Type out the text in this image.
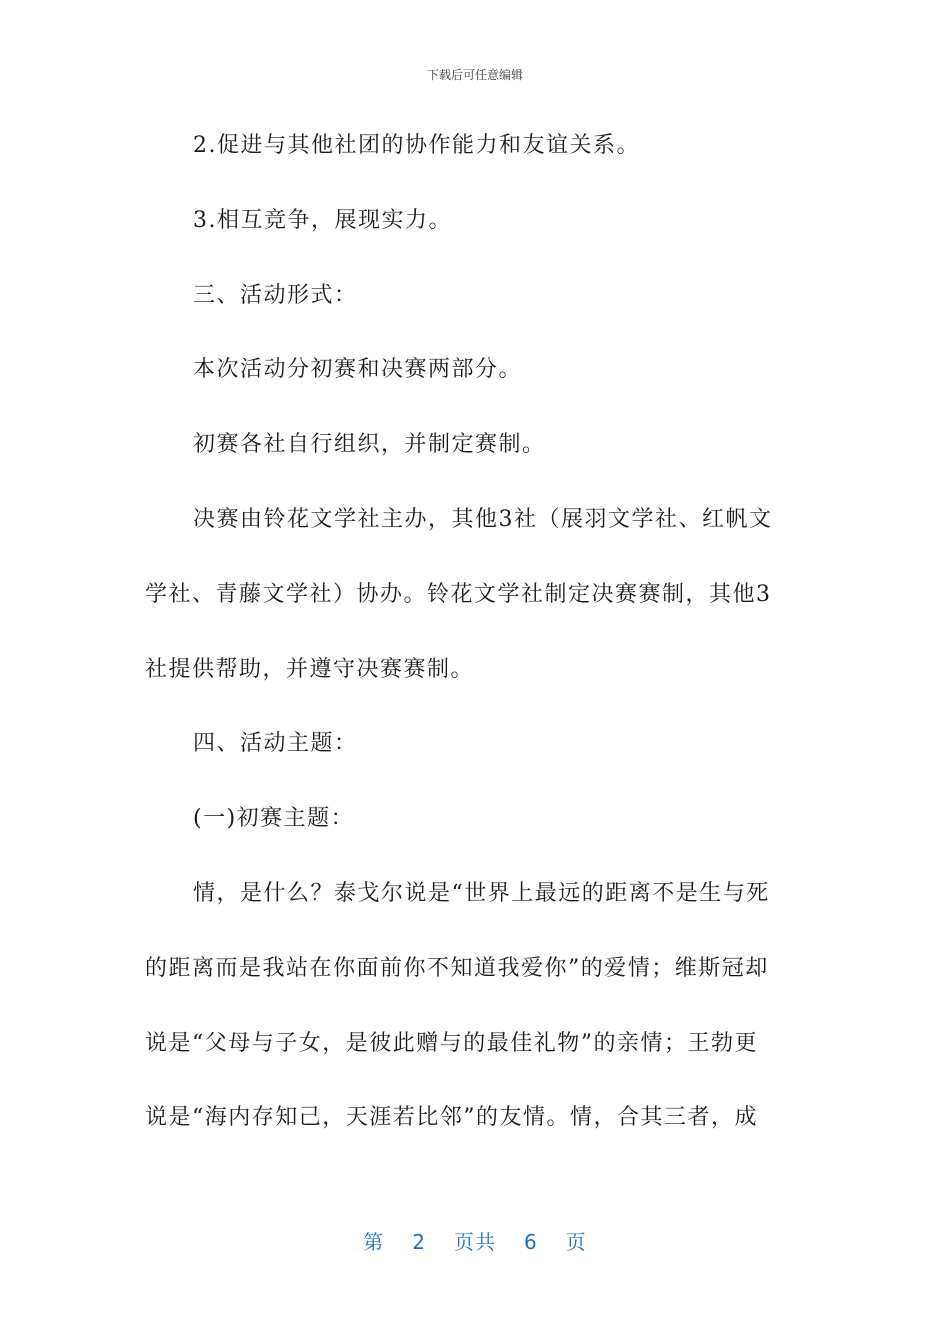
下载后可任意编辑
2.促进与其他社团的协作能力和友谊关系。
3.相互竞争，展现实力。
三、活动形式：
本次活动分初赛和决赛两部分。
初赛各社自行组织，并制定赛制。
决赛由铃花文学社主办，其他3社（展羽文学社、红帆文
学社、青藤文学社）协办。铃花文学社制定决赛赛制，其他3
社提供帮助，并遵守决赛赛制。
四、活动主题：
(一)初赛主题：
情，是什么？泰戈尔说是“世界上最远的距离不是生与死
的距离而是我站在你面前你不知道我爱你”的爱情；维斯冠却
说是“父母与子女，是彼此赠与的最佳礼物”的亲情；王勃更
说是“海内存知己，天涯若比邻”的友情。情，合其三者，成
第 2 页共 6 页
